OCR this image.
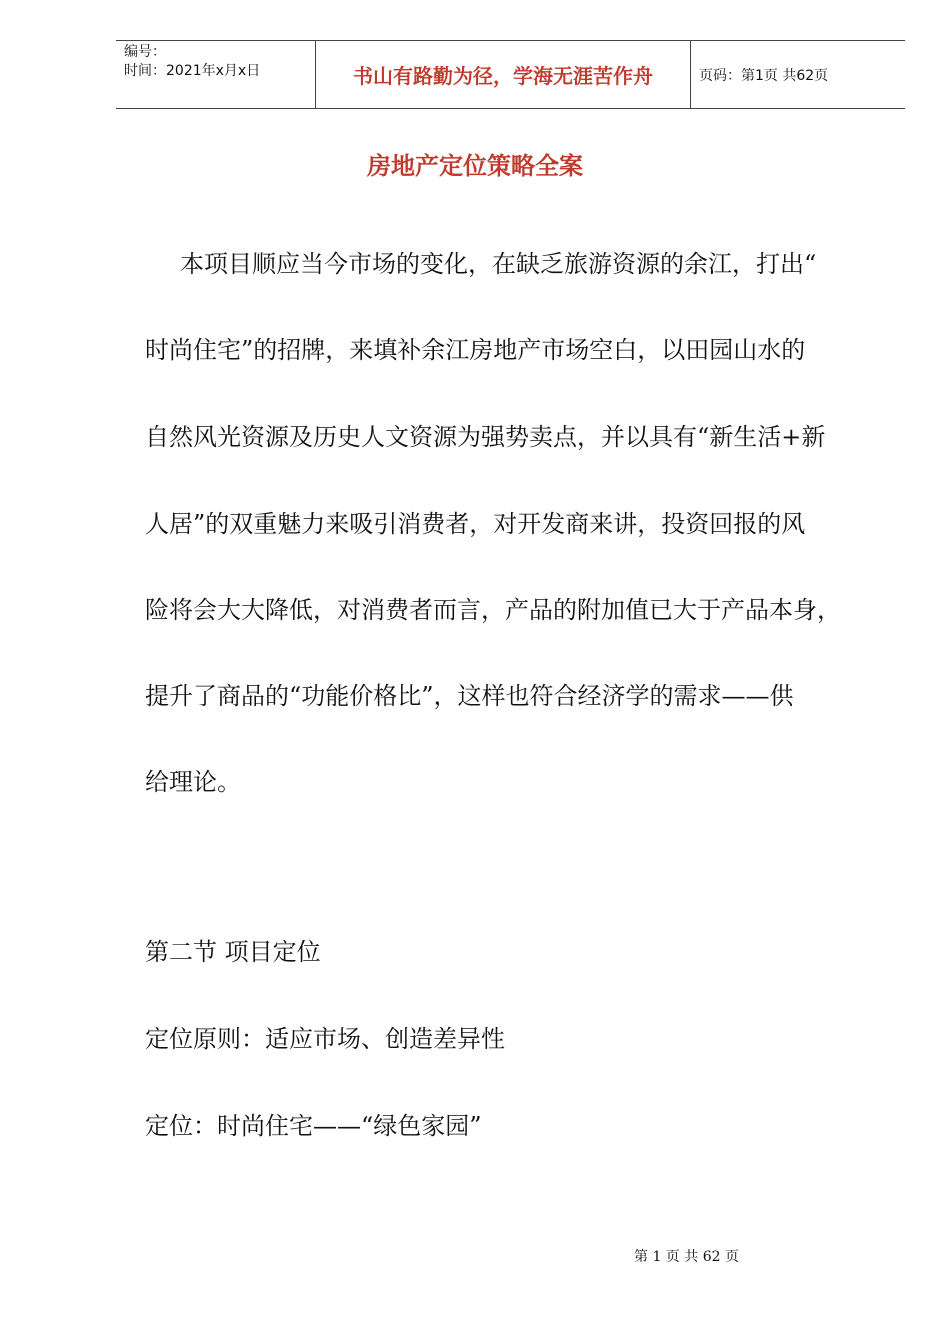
编号：
时间：2021年x月x日	书山有路勤为径，学海无涯苦作舟	页码：第1页 共62页
房地产定位策略全案
本项目顺应当今市场的变化，在缺乏旅游资源的余江，打出“
时尚住宅”的招牌，来填补余江房地产市场空白，以田园山水的
自然风光资源及历史人文资源为强势卖点，并以具有“新生活+新
人居”的双重魅力来吸引消费者，对开发商来讲，投资回报的风
险将会大大降低，对消费者而言，产品的附加值已大于产品本身，
提升了商品的“功能价格比”，这样也符合经济学的需求——供
给理论。
第二节 项目定位
定位原则：适应市场、创造差异性
定位：时尚住宅——“绿色家园”
第 1 页 共 62 页
